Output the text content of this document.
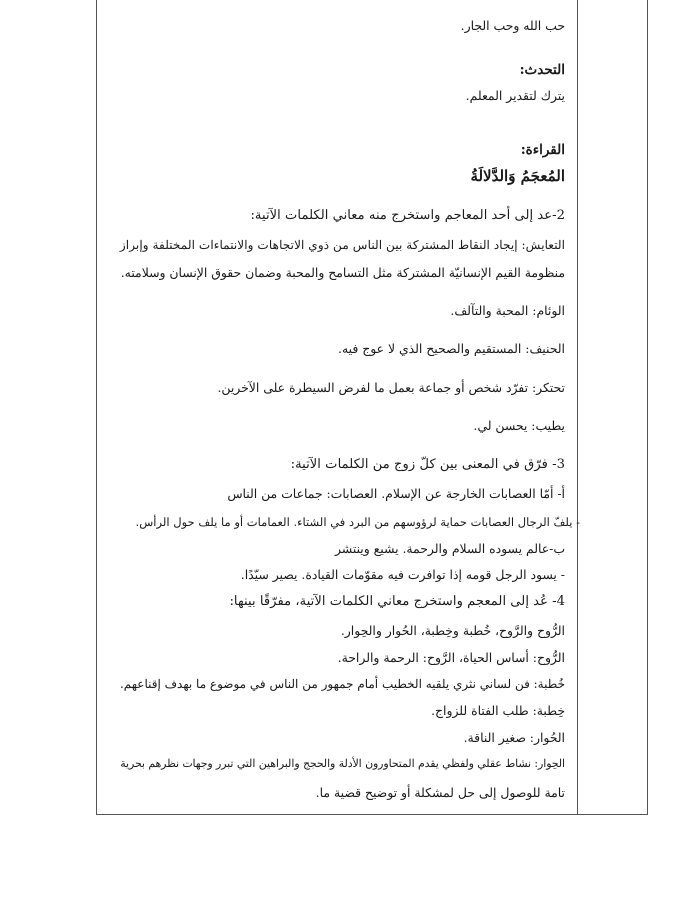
حب الله وحب الجار.
التحدث:
يترك لتقدير المعلم.
القراءة:
المُعجَمُ وَالدَّلالَةُ
2-عد إلى أحد المعاجم واستخرج منه معاني الكلمات الآتية:
التعايش: إيجاد النقاط المشتركة بين الناس من ذوي الاتجاهات والانتماءات المختلفة وإبراز
منظومة القيم الإنسانيّة المشتركة مثل التسامح والمحبة وضمان حقوق الإنسان وسلامته.
الوئام: المحبة والتآلف.
الحنيف: المستقيم والصحيح الذي لا عوج فيه.
تحتكر: تفرّد شخص أو جماعة بعمل ما لفرض السيطرة على الآخرين.
يطيب: يحسن لي.
3- فرّق في المعنى بين كلّ زوج من الكلمات الآتية:
أ- أمّا العصابات الخارجة عن الإسلام. العصابات: جماعات من الناس
- يلفّ الرجال العصابات حماية لرؤوسهم من البرد في الشتاء. العمامات أو ما يلف حول الرأس.
ب-عالم يسوده السلام والرحمة. يشيع وينتشر
- يسود الرجل قومه إذا توافرت فيه مقوّمات القيادة. يصير سيّدًا.
4- عُد إلى المعجم واستخرج معاني الكلمات الآتية، مفرّقًا بينها:
الرُّوح والرَّوح، خُطبة وخِطبة، الحُوار والحِوار.
الرُّوح: أساس الحياة، الرَّوح: الرحمة والراحة.
خُطبة: فن لساني نثري يلقيه الخطيب أمام جمهور من الناس في موضوع ما بهدف إقناعهم.
خِطبة: طلب الفتاة للزواج.
الحُوار: صغير الناقة.
الحِوار: نشاط عقلي ولفظي يقدم المتحاورون الأدلة والحجج والبراهين التي تبرر وجهات نظرهم بحرية
تامة للوصول إلى حل لمشكلة أو توضيح قضية ما.
